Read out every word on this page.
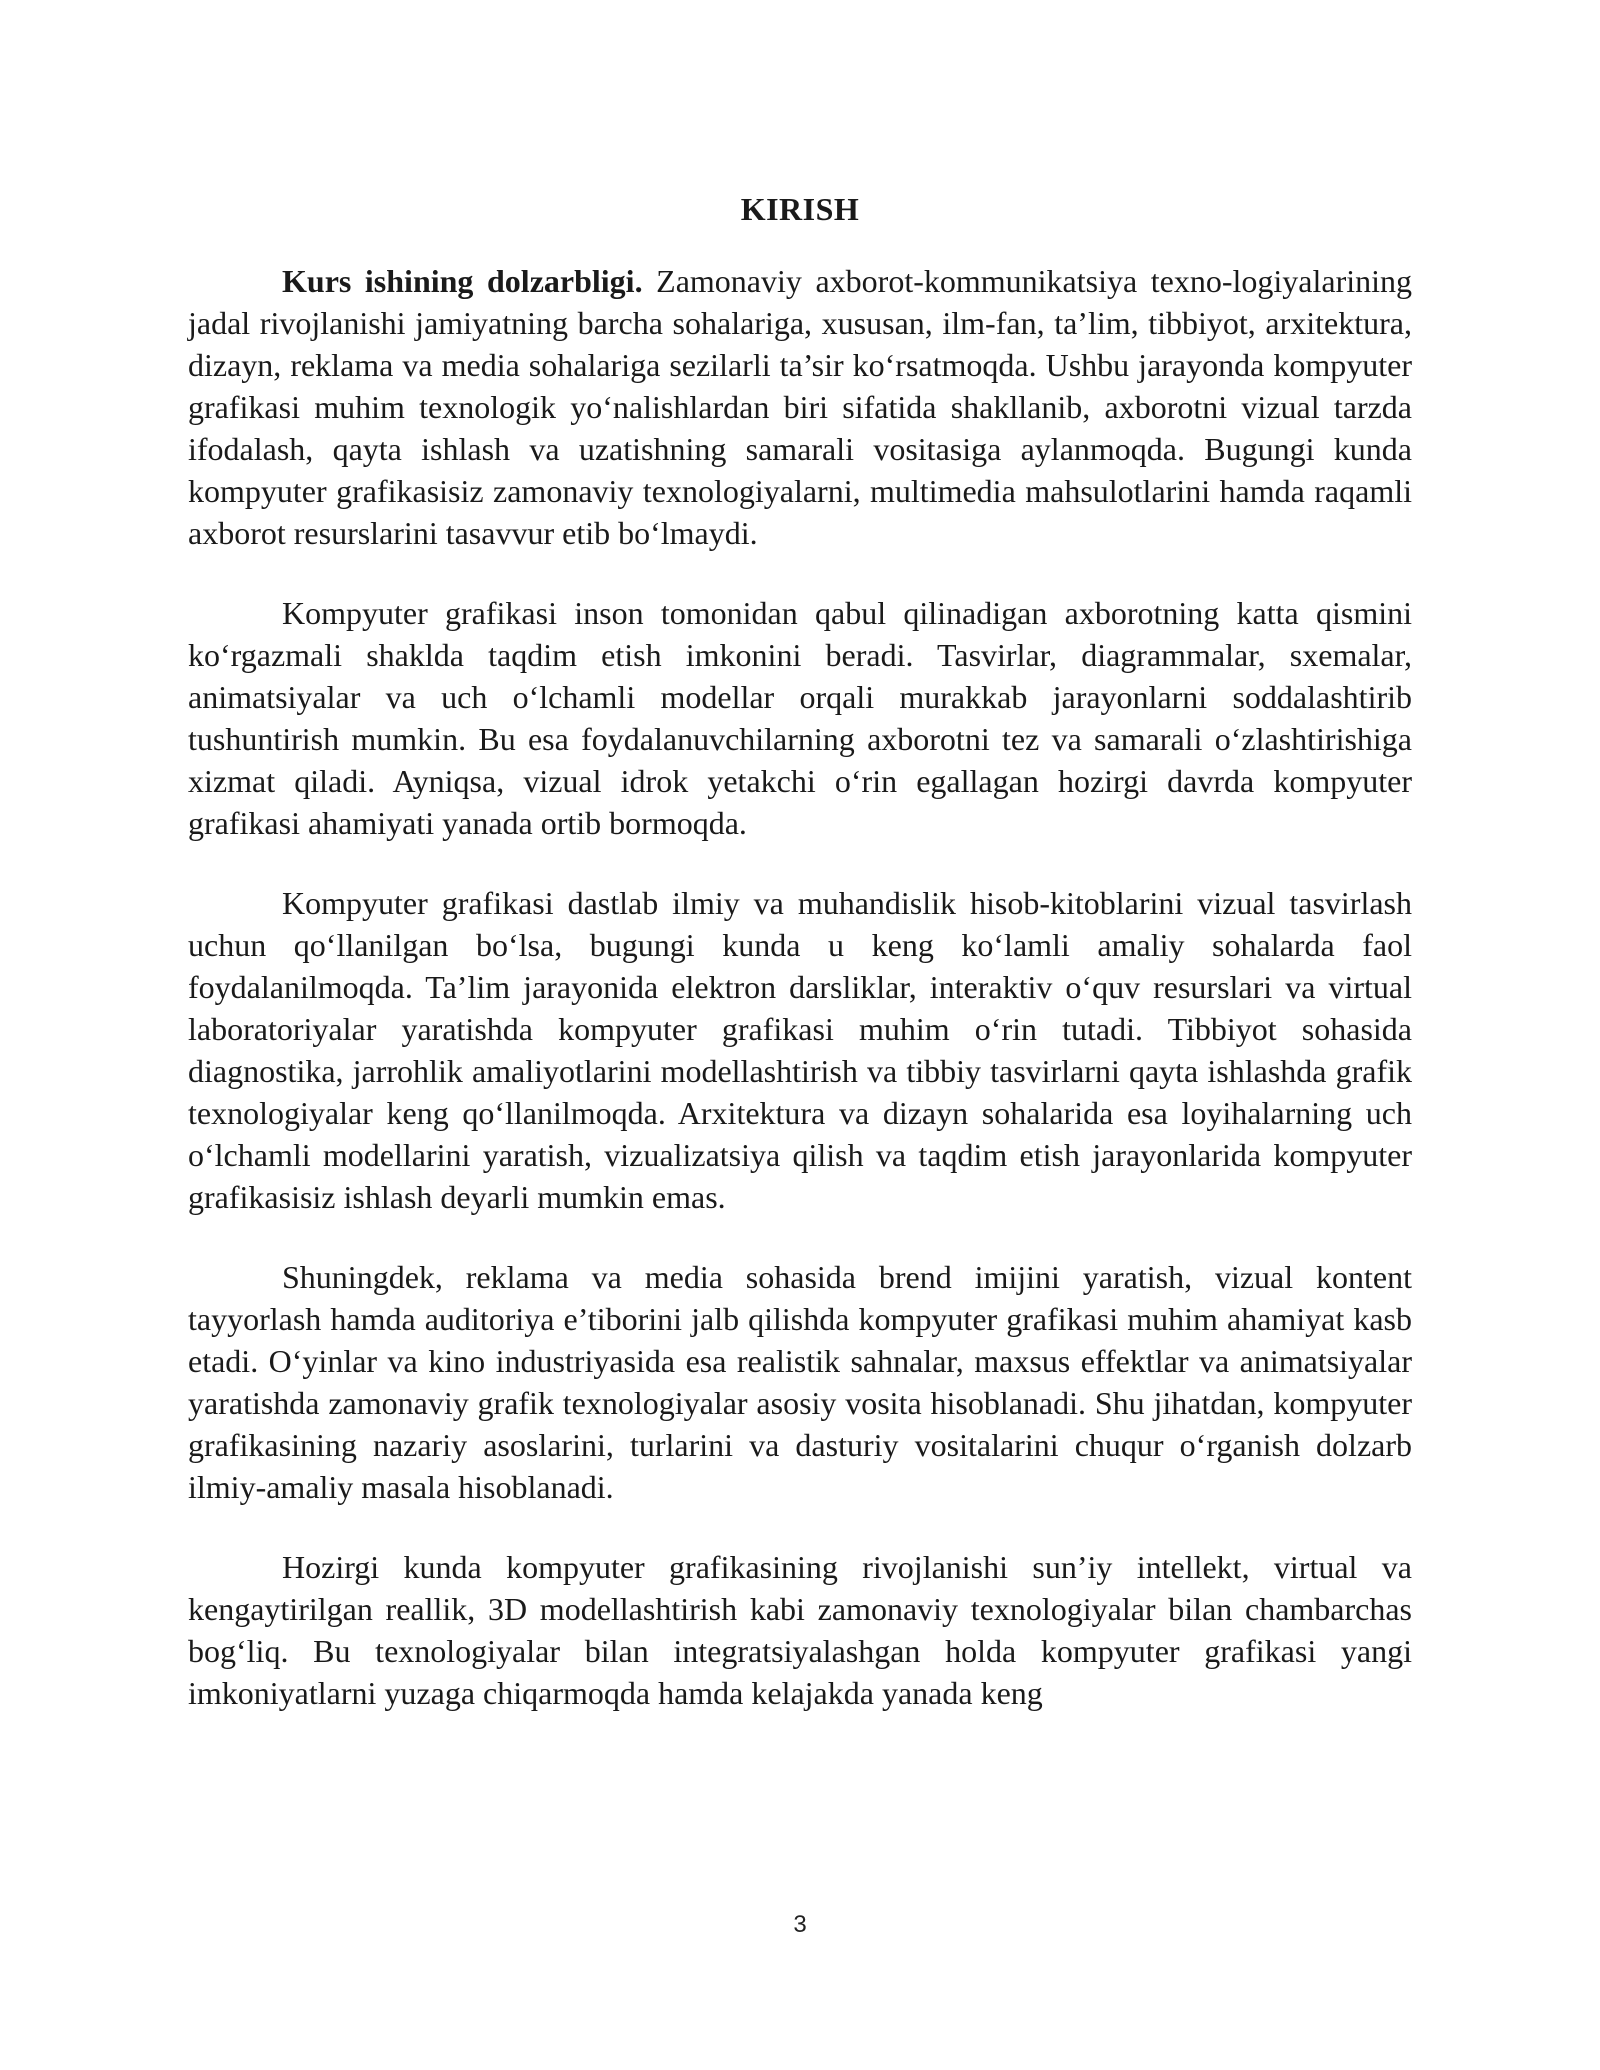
KIRISH

Kurs ishining dolzarbligi. Zamonaviy axborot-kommunikatsiya texno-logiyalarining jadal rivojlanishi jamiyatning barcha sohalariga, xususan, ilm-fan, ta’lim, tibbiyot, arxitektura, dizayn, reklama va media sohalariga sezilarli ta’sir ko‘rsatmoqda. Ushbu jarayonda kompyuter grafikasi muhim texnologik yo‘nalishlardan biri sifatida shakllanib, axborotni vizual tarzda ifodalash, qayta ishlash va uzatishning samarali vositasiga aylanmoqda. Bugungi kunda kompyuter grafikasisiz zamonaviy texnologiyalarni, multimedia mahsulotlarini hamda raqamli axborot resurslarini tasavvur etib bo‘lmaydi.

Kompyuter grafikasi inson tomonidan qabul qilinadigan axborotning katta qismini ko‘rgazmali shaklda taqdim etish imkonini beradi. Tasvirlar, diagrammalar, sxemalar, animatsiyalar va uch o‘lchamli modellar orqali murakkab jarayonlarni soddalashtirib tushuntirish mumkin. Bu esa foydalanuvchilarning axborotni tez va samarali o‘zlashtirishiga xizmat qiladi. Ayniqsa, vizual idrok yetakchi o‘rin egallagan hozirgi davrda kompyuter grafikasi ahamiyati yanada ortib bormoqda.

Kompyuter grafikasi dastlab ilmiy va muhandislik hisob-kitoblarini vizual tasvirlash uchun qo‘llanilgan bo‘lsa, bugungi kunda u keng ko‘lamli amaliy sohalarda faol foydalanilmoqda. Ta’lim jarayonida elektron darsliklar, interaktiv o‘quv resurslari va virtual laboratoriyalar yaratishda kompyuter grafikasi muhim o‘rin tutadi. Tibbiyot sohasida diagnostika, jarrohlik amaliyotlarini modellashtirish va tibbiy tasvirlarni qayta ishlashda grafik texnologiyalar keng qo‘llanilmoqda. Arxitektura va dizayn sohalarida esa loyihalarning uch o‘lchamli modellarini yaratish, vizualizatsiya qilish va taqdim etish jarayonlarida kompyuter grafikasisiz ishlash deyarli mumkin emas.

Shuningdek, reklama va media sohasida brend imijini yaratish, vizual kontent tayyorlash hamda auditoriya e’tiborini jalb qilishda kompyuter grafikasi muhim ahamiyat kasb etadi. O‘yinlar va kino industriyasida esa realistik sahnalar, maxsus effektlar va animatsiyalar yaratishda zamonaviy grafik texnologiyalar asosiy vosita hisoblanadi. Shu jihatdan, kompyuter grafikasining nazariy asoslarini, turlarini va dasturiy vositalarini chuqur o‘rganish dolzarb ilmiy-amaliy masala hisoblanadi.

Hozirgi kunda kompyuter grafikasining rivojlanishi sun’iy intellekt, virtual va kengaytirilgan reallik, 3D modellashtirish kabi zamonaviy texnologiyalar bilan chambarchas bog‘liq. Bu texnologiyalar bilan integratsiyalashgan holda kompyuter grafikasi yangi imkoniyatlarni yuzaga chiqarmoqda hamda kelajakda yanada keng

3
